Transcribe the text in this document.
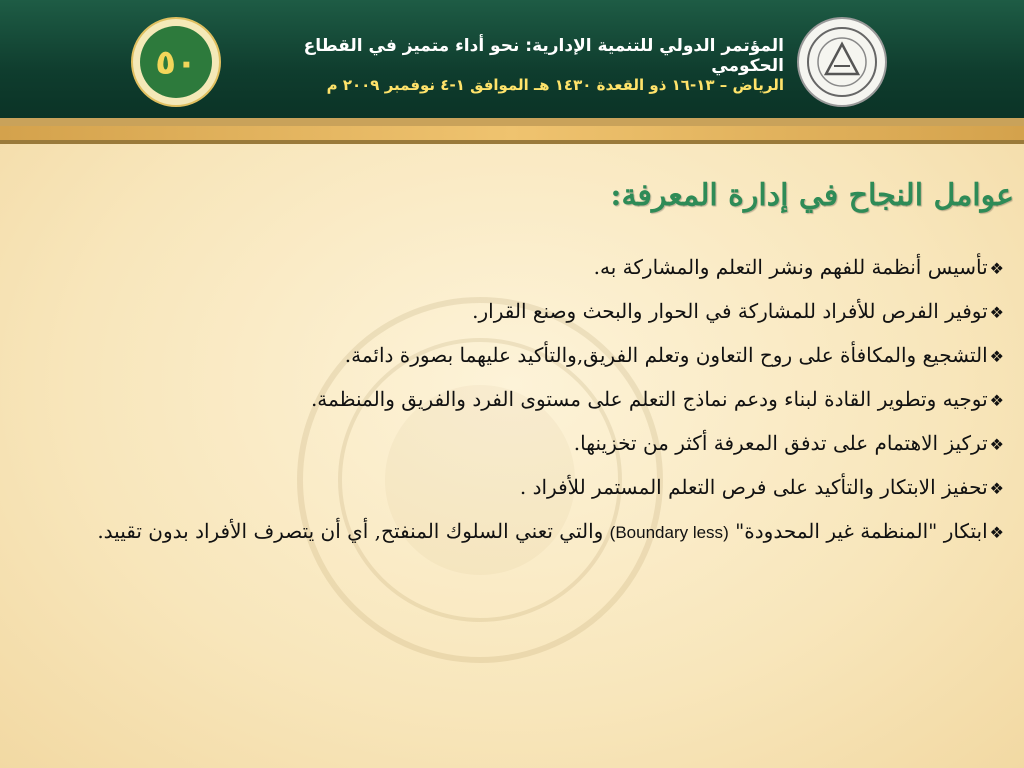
٥٠	المؤتمر الدولي للتنمية الإدارية: نحو أداء متميز في القطاع الحكومي
الرياض – ١٣-١٦ ذو القعدة ١٤٣٠ هـ الموافق ١-٤ نوفمبر ٢٠٠٩ م
عوامل النجاح في إدارة المعرفة:
❖تأسيس أنظمة للفهم ونشر التعلم والمشاركة به.
❖توفير الفرص للأفراد للمشاركة في الحوار والبحث وصنع القرار.
❖التشجيع والمكافأة على روح التعاون وتعلم الفريق,والتأكيد عليهما بصورة دائمة.
❖توجيه وتطوير القادة لبناء ودعم نماذج التعلم على مستوى الفرد والفريق والمنظمة.
❖تركيز الاهتمام على تدفق المعرفة أكثر من تخزينها.
❖تحفيز الابتكار والتأكيد على فرص التعلم المستمر للأفراد .
❖ابتكار "المنظمة غير المحدودة" (Boundary less) والتي تعني السلوك المنفتح, أي أن يتصرف الأفراد بدون تقييد.
